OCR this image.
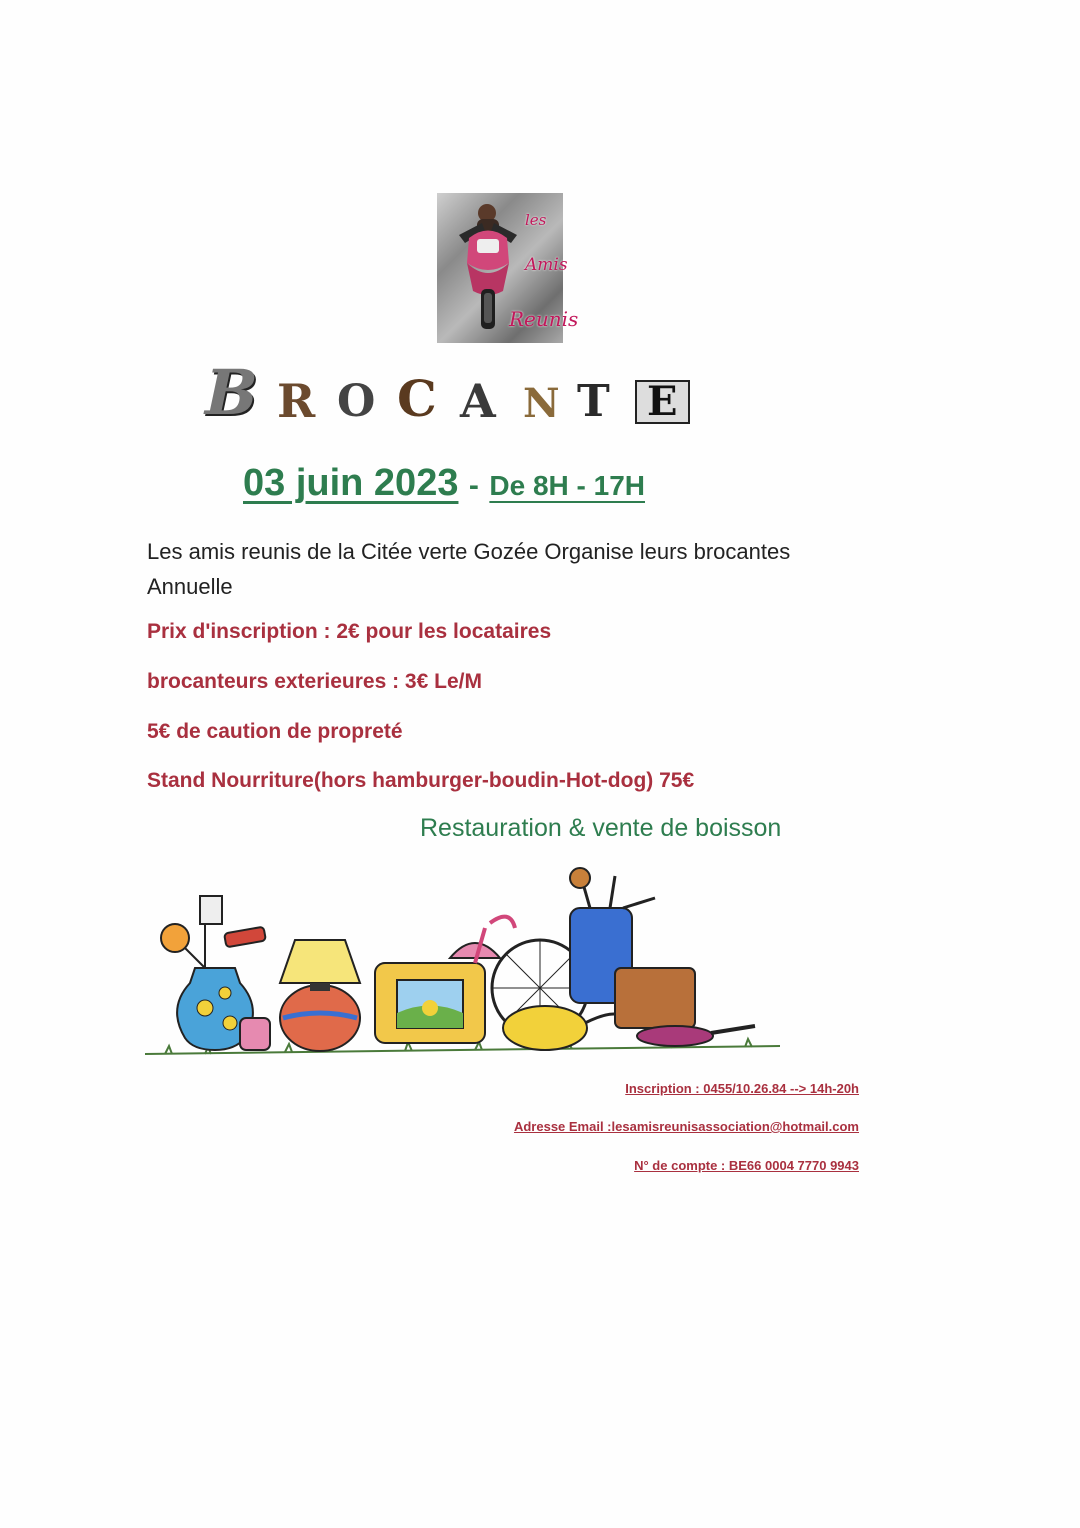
les
Amis
Reunis
B R O C A N T E
03 juin 2023 - De 8H - 17H
Les amis reunis de la Citée verte Gozée Organise leurs brocantes Annuelle
Prix d'inscription : 2€ pour les locataires
brocanteurs exterieures : 3€ Le/M
5€ de caution de propreté
Stand Nourriture(hors hamburger-boudin-Hot-dog) 75€
Restauration & vente de boisson
Inscription : 0455/10.26.84 --> 14h-20h
Adresse Email :lesamisreunisassociation@hotmail.com
N° de compte : BE66 0004 7770 9943
